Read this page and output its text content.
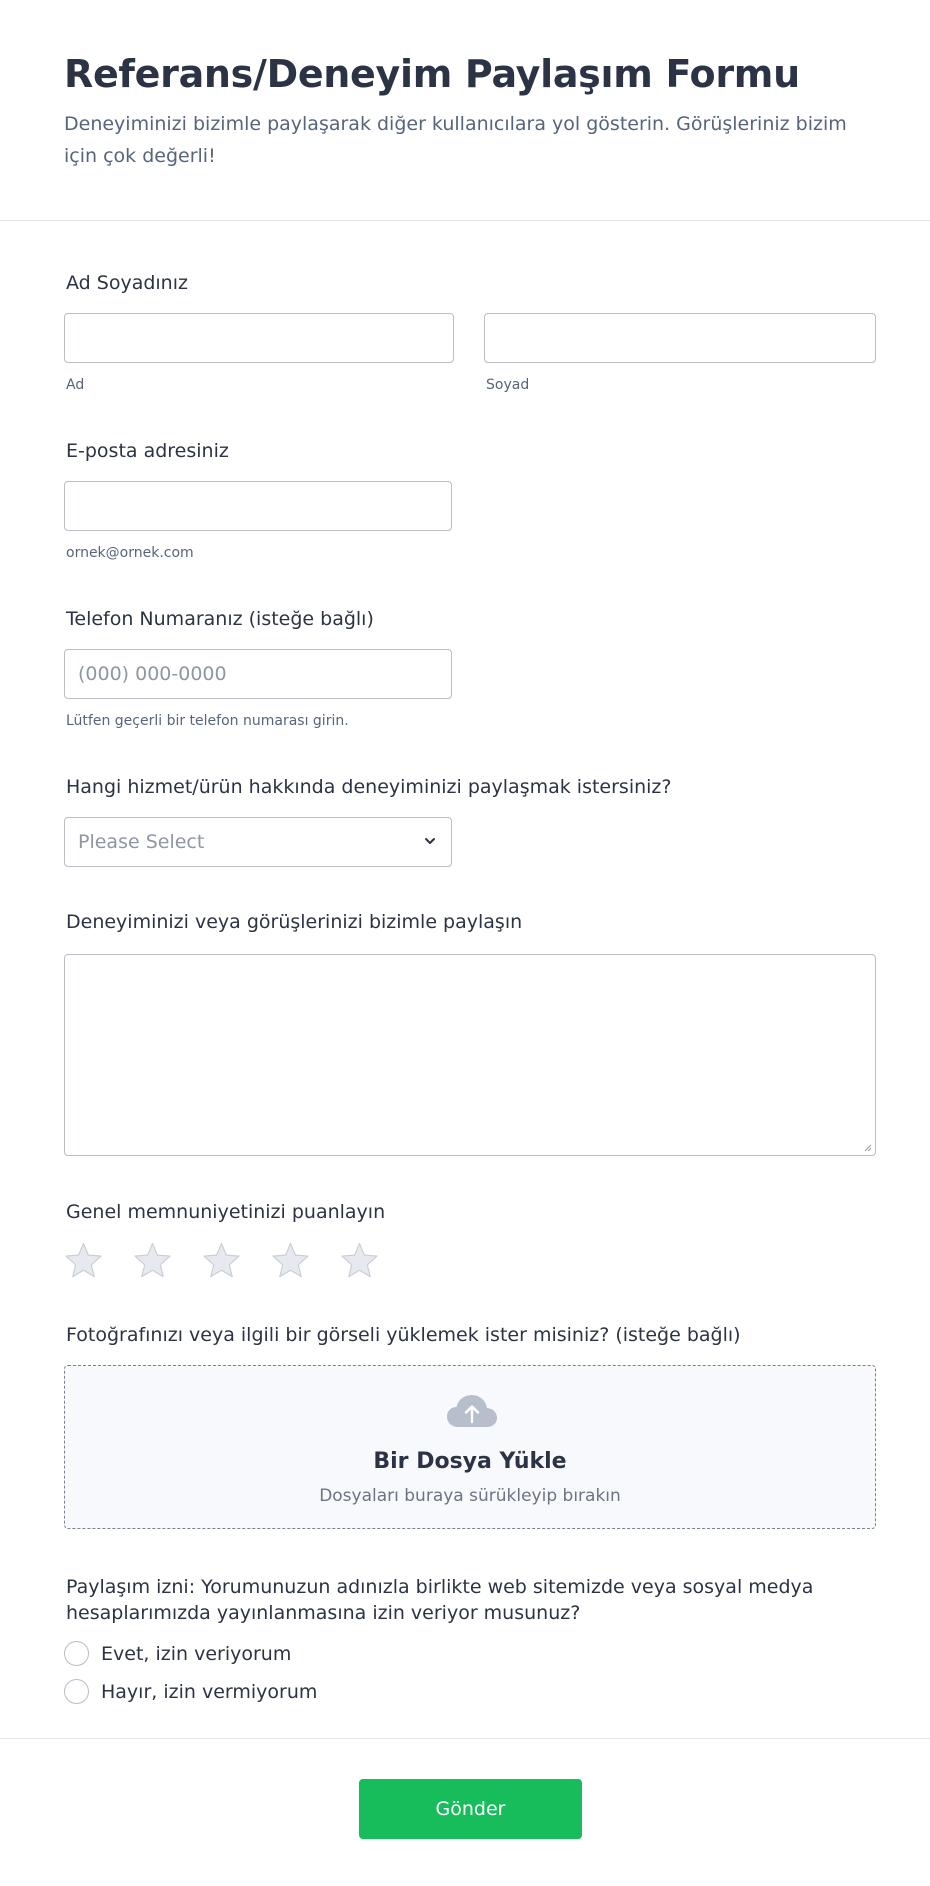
Referans/Deneyim Paylaşım Formu

Deneyiminizi bizimle paylaşarak diğer kullanıcılara yol gösterin. Görüşleriniz bizim için çok değerli!

Ad Soyadınız
Ad	Soyad
E-posta adresiniz
ornek@ornek.com
Telefon Numaranız (isteğe bağlı)
(000) 000-0000
Lütfen geçerli bir telefon numarası girin.
Hangi hizmet/ürün hakkında deneyiminizi paylaşmak istersiniz?
Please Select
Deneyiminizi veya görüşlerinizi bizimle paylaşın
Genel memnuniyetinizi puanlayın
Fotoğrafınızı veya ilgili bir görseli yüklemek ister misiniz? (isteğe bağlı)
Bir Dosya Yükle
Dosyaları buraya sürükleyip bırakın
Paylaşım izni: Yorumunuzun adınızla birlikte web sitemizde veya sosyal medya hesaplarımızda yayınlanmasına izin veriyor musunuz?
Evet, izin veriyorum
Hayır, izin vermiyorum
Gönder
